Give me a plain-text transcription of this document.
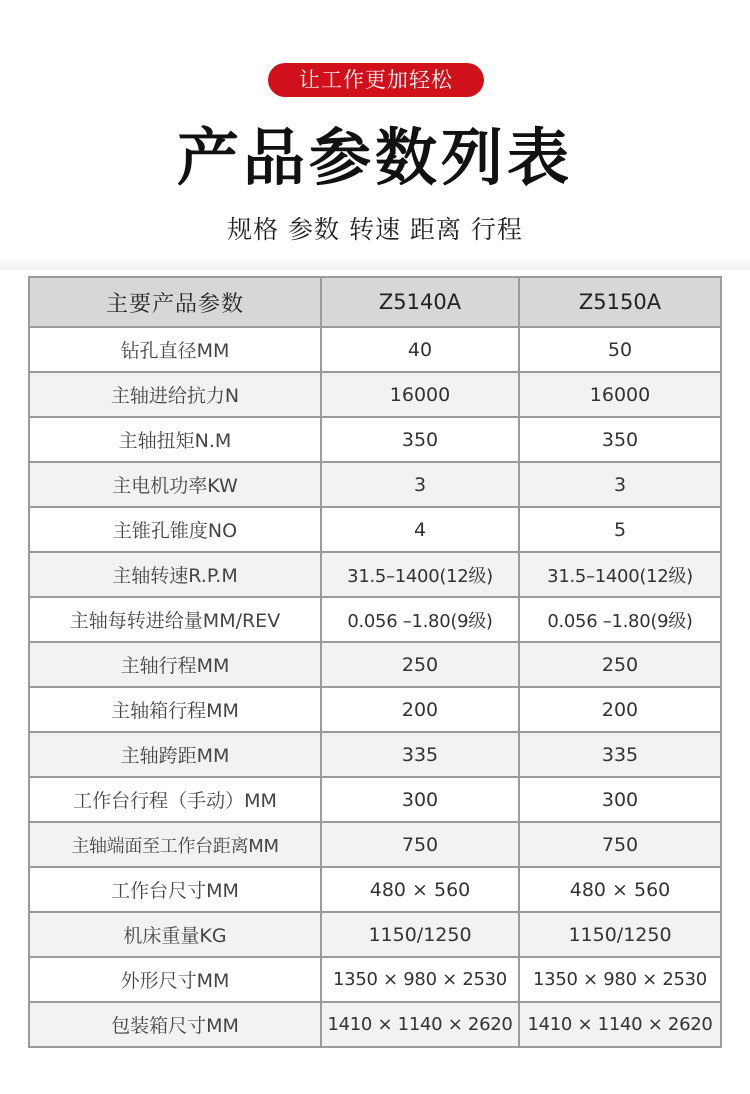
让工作更加轻松
产品参数列表
规格 参数 转速 距离 行程
主要产品参数	Z5140A	Z5150A
钻孔直径MM	40	50
主轴进给抗力N	16000	16000
主轴扭矩N.M	350	350
主电机功率KW	3	3
主锥孔锥度NO	4	5
主轴转速R.P.M	31.5–1400(12级)	31.5–1400(12级)
主轴每转进给量MM/REV	0.056 –1.80(9级)	0.056 –1.80(9级)
主轴行程MM	250	250
主轴箱行程MM	200	200
主轴跨距MM	335	335
工作台行程（手动）MM	300	300
主轴端面至工作台距离MM	750	750
工作台尺寸MM	480 × 560	480 × 560
机床重量KG	1150/1250	1150/1250
外形尺寸MM	1350 × 980 × 2530	1350 × 980 × 2530
包装箱尺寸MM	1410 × 1140 × 2620	1410 × 1140 × 2620
